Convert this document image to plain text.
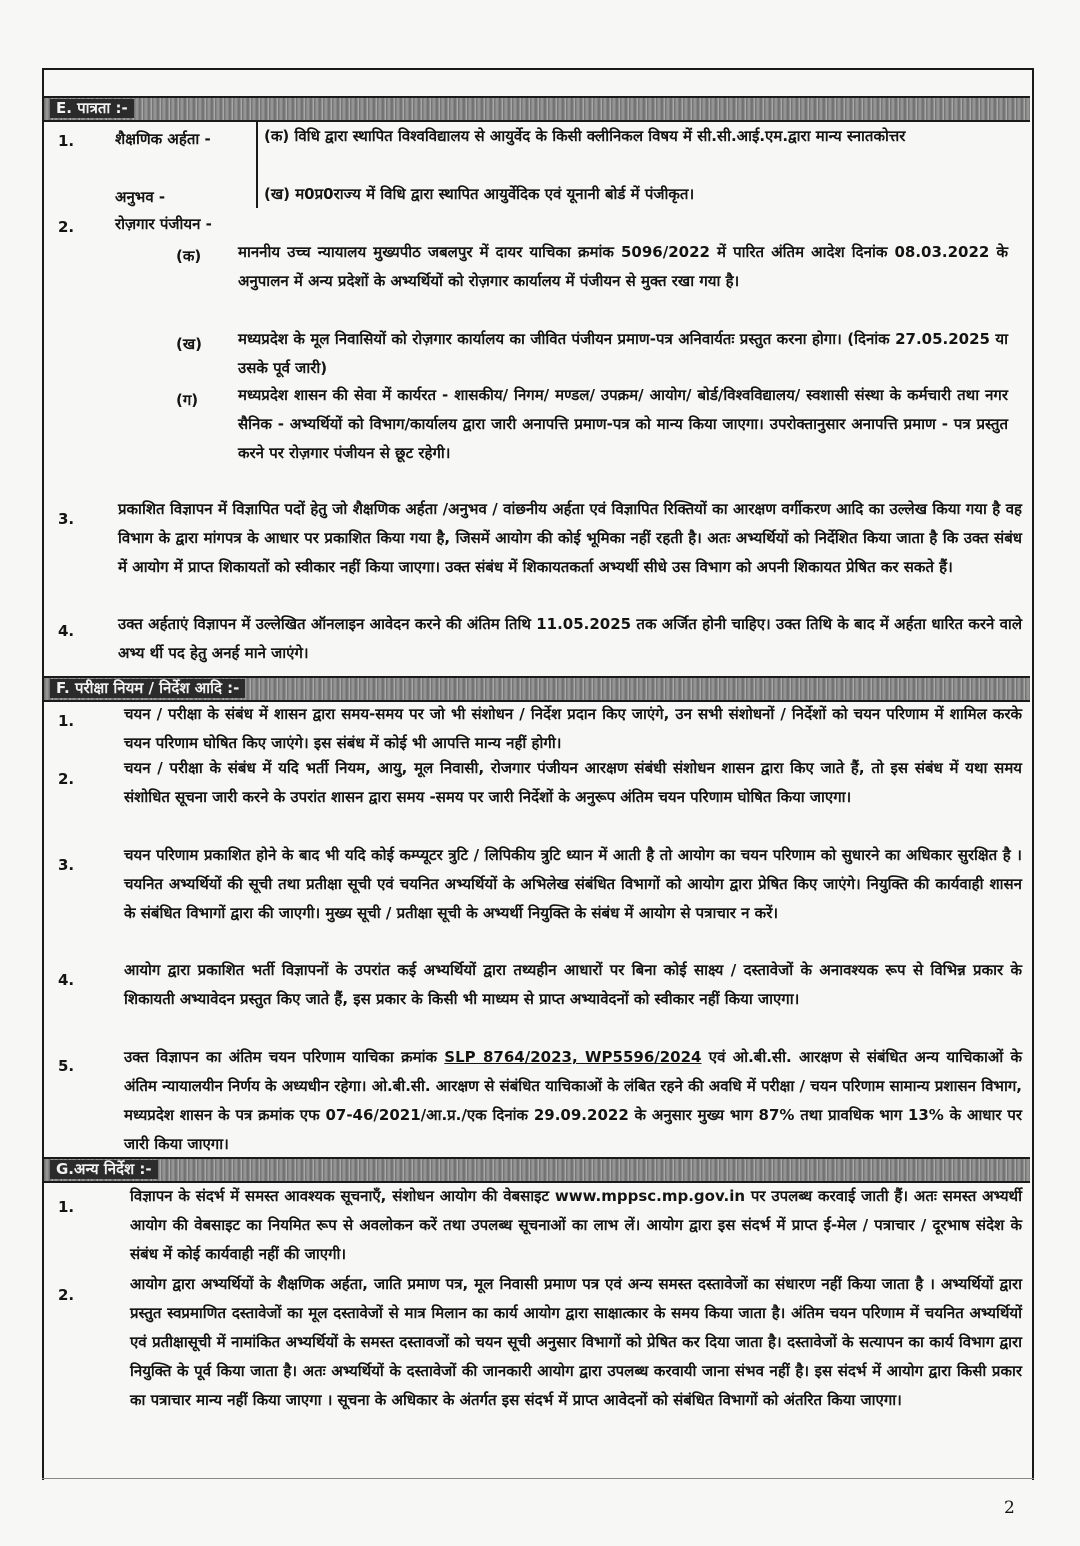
E. पात्रता :-
1.	शैक्षणिक अर्हता -	(क) विधि द्वारा स्थापित विश्वविद्यालय से आयुर्वेद के किसी क्लीनिकल विषय में सी.सी.आई.एम.द्वारा मान्य स्नातकोत्तर
अनुभव -	(ख) म0प्र0राज्य में विधि द्वारा स्थापित आयुर्वेदिक एवं यूनानी बोर्ड में पंजीकृत।
2.	रोज़गार पंजीयन -
(क) माननीय उच्च न्यायालय मुख्यपीठ जबलपुर में दायर याचिका क्रमांक 5096/2022 में पारित अंतिम आदेश दिनांक 08.03.2022 के अनुपालन में अन्य प्रदेशों के अभ्यर्थियों को रोज़गार कार्यालय में पंजीयन से मुक्त रखा गया है।
(ख) मध्यप्रदेश के मूल निवासियों को रोज़गार कार्यालय का जीवित पंजीयन प्रमाण-पत्र अनिवार्यतः प्रस्तुत करना होगा। (दिनांक 27.05.2025 या उसके पूर्व जारी)
(ग)	मध्यप्रदेश शासन की सेवा में कार्यरत - शासकीय/ निगम/ मण्डल/ उपक्रम/ आयोग/ बोर्ड/विश्वविद्यालय/ स्वशासी संस्था के कर्मचारी तथा नगर सैनिक - अभ्यर्थियों को विभाग/कार्यालय द्वारा जारी अनापत्ति प्रमाण-पत्र को मान्य किया जाएगा। उपरोक्तानुसार अनापत्ति प्रमाण - पत्र प्रस्तुत करने पर रोज़गार पंजीयन से छूट रहेगी।
3.
प्रकाशित विज्ञापन में विज्ञापित पदों हेतु जो शैक्षणिक अर्हता /अनुभव / वांछनीय अर्हता एवं विज्ञापित रिक्तियों का आरक्षण वर्गीकरण आदि का उल्लेख किया गया है वह विभाग के द्वारा मांगपत्र के आधार पर प्रकाशित किया गया है, जिसमें आयोग की कोई भूमिका नहीं रहती है। अतः अभ्यर्थियों को निर्देशित किया जाता है कि उक्त संबंध में आयोग में प्राप्त शिकायतों को स्वीकार नहीं किया जाएगा। उक्त संबंध में शिकायतकर्ता अभ्यर्थी सीधे उस विभाग को अपनी शिकायत प्रेषित कर सकते हैं।
4.	उक्त अर्हताएं विज्ञापन में उल्लेखित ऑनलाइन आवेदन करने की अंतिम तिथि 11.05.2025 तक अर्जित होनी चाहिए। उक्त तिथि के बाद में अर्हता धारित करने वाले अभ्य र्थी पद हेतु अनर्ह माने जाएंगे।
F. परीक्षा नियम / निर्देश आदि :-
1.	चयन / परीक्षा के संबंध में शासन द्वारा समय-समय पर जो भी संशोधन / निर्देश प्रदान किए जाएंगे, उन सभी संशोधनों / निर्देशों को चयन परिणाम में शामिल करके चयन परिणाम घोषित किए जाएंगे। इस संबंध में कोई भी आपत्ति मान्य नहीं होगी।
2.
चयन / परीक्षा के संबंध में यदि भर्ती नियम, आयु, मूल निवासी, रोजगार पंजीयन आरक्षण संबंधी संशोधन शासन द्वारा किए जाते हैं, तो इस संबंध में यथा समय संशोधित सूचना जारी करने के उपरांत शासन द्वारा समय -समय पर जारी निर्देशों के अनुरूप अंतिम चयन परिणाम घोषित किया जाएगा।
3.
चयन परिणाम प्रकाशित होने के बाद भी यदि कोई कम्प्यूटर त्रुटि / लिपिकीय त्रुटि ध्यान में आती है तो आयोग का चयन परिणाम को सुधारने का अधिकार सुरक्षित है । चयनित अभ्यर्थियों की सूची तथा प्रतीक्षा सूची एवं चयनित अभ्यर्थियों के अभिलेख संबंधित विभागों को आयोग द्वारा प्रेषित किए जाएंगे। नियुक्ति की कार्यवाही शासन के संबंधित विभागों द्वारा की जाएगी। मुख्य सूची / प्रतीक्षा सूची के अभ्यर्थी नियुक्ति के संबंध में आयोग से पत्राचार न करें।
4.
आयोग द्वारा प्रकाशित भर्ती विज्ञापनों के उपरांत कई अभ्यर्थियों द्वारा तथ्यहीन आधारों पर बिना कोई साक्ष्य / दस्तावेजों के अनावश्यक रूप से विभिन्न प्रकार के शिकायती अभ्यावेदन प्रस्तुत किए जाते हैं, इस प्रकार के किसी भी माध्यम से प्राप्त अभ्यावेदनों को स्वीकार नहीं किया जाएगा।
5.	उक्त विज्ञापन का अंतिम चयन परिणाम याचिका क्रमांक SLP 8764/2023, WP5596/2024 एवं ओ.बी.सी. आरक्षण से संबंधित अन्य याचिकाओं के अंतिम न्यायालयीन निर्णय के अध्यधीन रहेगा। ओ.बी.सी. आरक्षण से संबंधित याचिकाओं के लंबित रहने की अवधि में परीक्षा / चयन परिणाम सामान्य प्रशासन विभाग, मध्यप्रदेश शासन के पत्र क्रमांक एफ 07-46/2021/आ.प्र./एक दिनांक 29.09.2022 के अनुसार मुख्य भाग 87% तथा प्रावधिक भाग 13% के आधार पर जारी किया जाएगा।
G.अन्य निर्देश :-
1.
विज्ञापन के संदर्भ में समस्त आवश्यक सूचनाएँ, संशोधन आयोग की वेबसाइट www.mppsc.mp.gov.in पर उपलब्ध करवाई जाती हैं। अतः समस्त अभ्यर्थी आयोग की वेबसाइट का नियमित रूप से अवलोकन करें तथा उपलब्ध सूचनाओं का लाभ लें। आयोग द्वारा इस संदर्भ में प्राप्त ई-मेल / पत्राचार / दूरभाष संदेश के संबंध में कोई कार्यवाही नहीं की जाएगी।
2.
आयोग द्वारा अभ्यर्थियों के शैक्षणिक अर्हता, जाति प्रमाण पत्र, मूल निवासी प्रमाण पत्र एवं अन्य समस्त दस्तावेजों का संधारण नहीं किया जाता है । अभ्यर्थियों द्वारा प्रस्तुत स्वप्रमाणित दस्तावेजों का मूल दस्तावेजों से मात्र मिलान का कार्य आयोग द्वारा साक्षात्कार के समय किया जाता है। अंतिम चयन परिणाम में चयनित अभ्यर्थियों एवं प्रतीक्षासूची में नामांकित अभ्यर्थियों के समस्त दस्तावजों को चयन सूची अनुसार विभागों को प्रेषित कर दिया जाता है। दस्तावेजों के सत्यापन का कार्य विभाग द्वारा नियुक्ति के पूर्व किया जाता है। अतः अभ्यर्थियों के दस्तावेजों की जानकारी आयोग द्वारा उपलब्ध करवायी जाना संभव नहीं है। इस संदर्भ में आयोग द्वारा किसी प्रकार का पत्राचार मान्य नहीं किया जाएगा । सूचना के अधिकार के अंतर्गत इस संदर्भ में प्राप्त आवेदनों को संबंधित विभागों को अंतरित किया जाएगा।
2
